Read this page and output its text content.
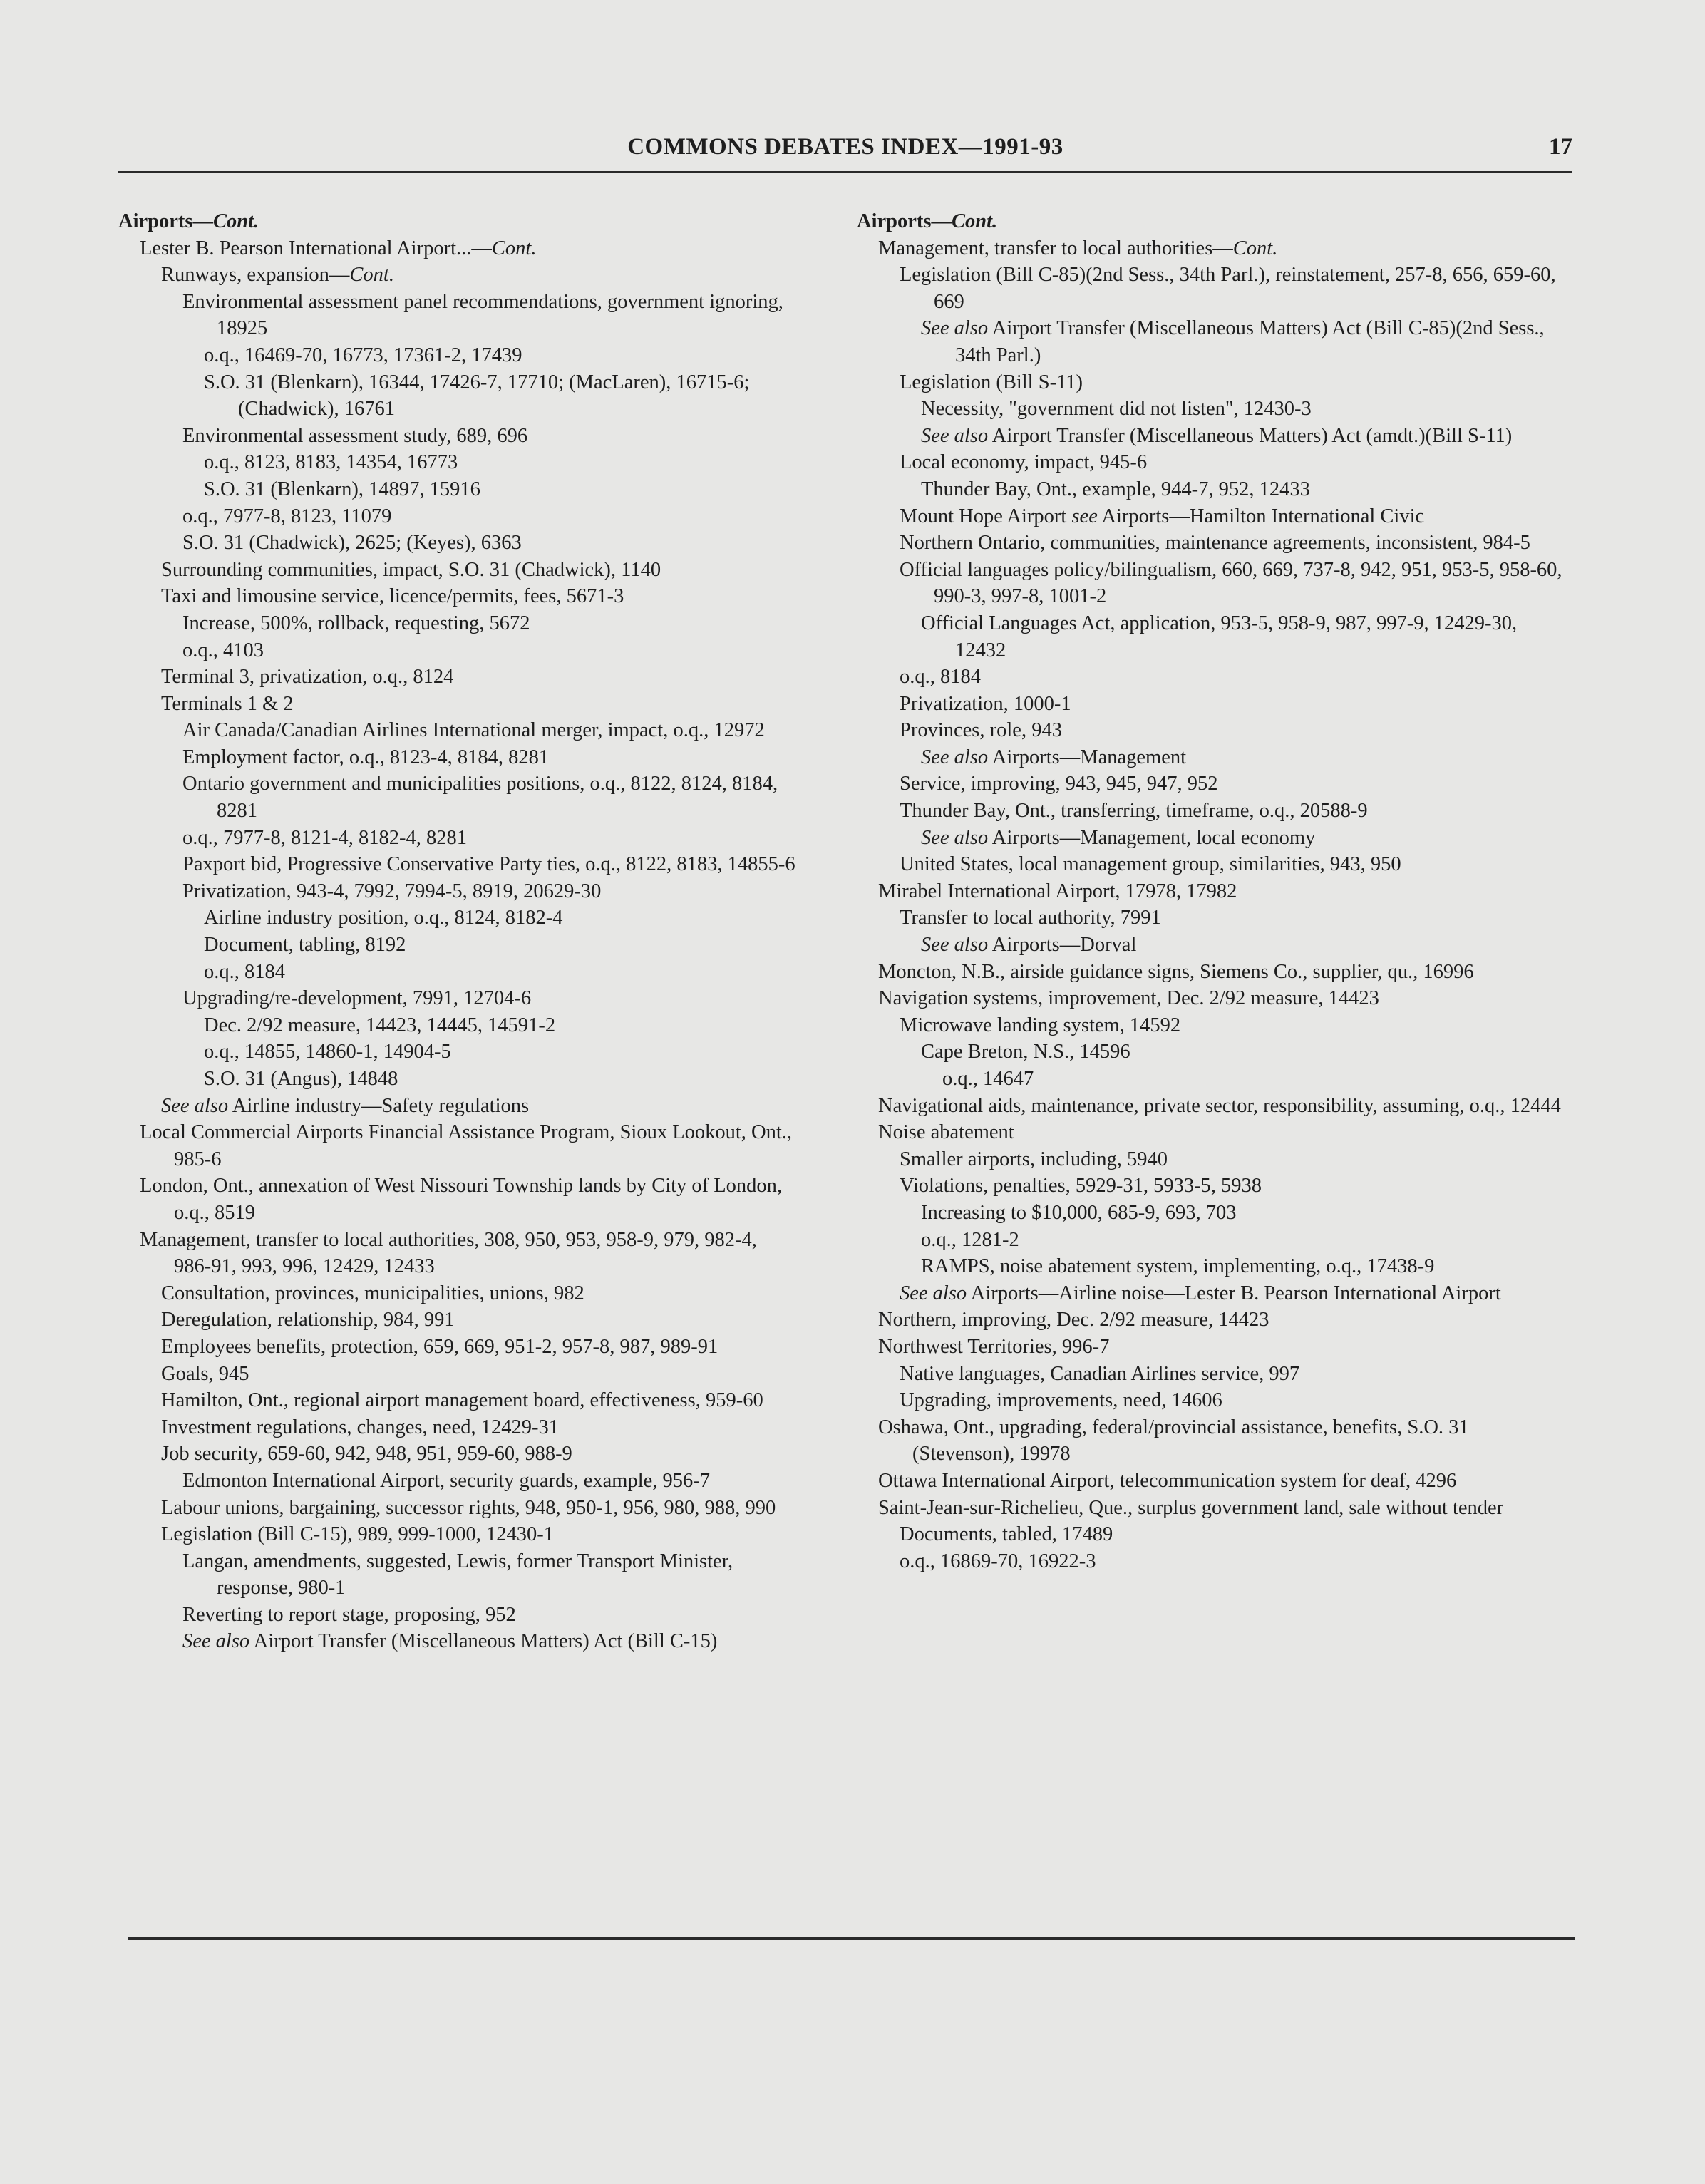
COMMONS DEBATES INDEX—1991-93	17
Airports—Cont.
Lester B. Pearson International Airport...—Cont.
Runways, expansion—Cont.
Environmental assessment panel recommendations, government ignoring, 18925
o.q., 16469-70, 16773, 17361-2, 17439
S.O. 31 (Blenkarn), 16344, 17426-7, 17710; (MacLaren), 16715-6; (Chadwick), 16761
Environmental assessment study, 689, 696
o.q., 8123, 8183, 14354, 16773
S.O. 31 (Blenkarn), 14897, 15916
o.q., 7977-8, 8123, 11079
S.O. 31 (Chadwick), 2625; (Keyes), 6363
Surrounding communities, impact, S.O. 31 (Chadwick), 1140
Taxi and limousine service, licence/permits, fees, 5671-3
Increase, 500%, rollback, requesting, 5672
o.q., 4103
Terminal 3, privatization, o.q., 8124
Terminals 1 & 2
Air Canada/Canadian Airlines International merger, impact, o.q., 12972
Employment factor, o.q., 8123-4, 8184, 8281
Ontario government and municipalities positions, o.q., 8122, 8124, 8184, 8281
o.q., 7977-8, 8121-4, 8182-4, 8281
Paxport bid, Progressive Conservative Party ties, o.q., 8122, 8183, 14855-6
Privatization, 943-4, 7992, 7994-5, 8919, 20629-30
Airline industry position, o.q., 8124, 8182-4
Document, tabling, 8192
o.q., 8184
Upgrading/re-development, 7991, 12704-6
Dec. 2/92 measure, 14423, 14445, 14591-2
o.q., 14855, 14860-1, 14904-5
S.O. 31 (Angus), 14848
See also Airline industry—Safety regulations
Local Commercial Airports Financial Assistance Program, Sioux Lookout, Ont., 985-6
London, Ont., annexation of West Nissouri Township lands by City of London, o.q., 8519
Management, transfer to local authorities, 308, 950, 953, 958-9, 979, 982-4, 986-91, 993, 996, 12429, 12433
Consultation, provinces, municipalities, unions, 982
Deregulation, relationship, 984, 991
Employees benefits, protection, 659, 669, 951-2, 957-8, 987, 989-91
Goals, 945
Hamilton, Ont., regional airport management board, effectiveness, 959-60
Investment regulations, changes, need, 12429-31
Job security, 659-60, 942, 948, 951, 959-60, 988-9
Edmonton International Airport, security guards, example, 956-7
Labour unions, bargaining, successor rights, 948, 950-1, 956, 980, 988, 990
Legislation (Bill C-15), 989, 999-1000, 12430-1
Langan, amendments, suggested, Lewis, former Transport Minister, response, 980-1
Reverting to report stage, proposing, 952
See also Airport Transfer (Miscellaneous Matters) Act (Bill C-15)
Airports—Cont.
Management, transfer to local authorities—Cont.
Legislation (Bill C-85)(2nd Sess., 34th Parl.), reinstatement, 257-8, 656, 659-60, 669
See also Airport Transfer (Miscellaneous Matters) Act (Bill C-85)(2nd Sess., 34th Parl.)
Legislation (Bill S-11)
Necessity, "government did not listen", 12430-3
See also Airport Transfer (Miscellaneous Matters) Act (amdt.)(Bill S-11)
Local economy, impact, 945-6
Thunder Bay, Ont., example, 944-7, 952, 12433
Mount Hope Airport see Airports—Hamilton International Civic
Northern Ontario, communities, maintenance agreements, inconsistent, 984-5
Official languages policy/bilingualism, 660, 669, 737-8, 942, 951, 953-5, 958-60, 990-3, 997-8, 1001-2
Official Languages Act, application, 953-5, 958-9, 987, 997-9, 12429-30, 12432
o.q., 8184
Privatization, 1000-1
Provinces, role, 943
See also Airports—Management
Service, improving, 943, 945, 947, 952
Thunder Bay, Ont., transferring, timeframe, o.q., 20588-9
See also Airports—Management, local economy
United States, local management group, similarities, 943, 950
Mirabel International Airport, 17978, 17982
Transfer to local authority, 7991
See also Airports—Dorval
Moncton, N.B., airside guidance signs, Siemens Co., supplier, qu., 16996
Navigation systems, improvement, Dec. 2/92 measure, 14423
Microwave landing system, 14592
Cape Breton, N.S., 14596
o.q., 14647
Navigational aids, maintenance, private sector, responsibility, assuming, o.q., 12444
Noise abatement
Smaller airports, including, 5940
Violations, penalties, 5929-31, 5933-5, 5938
Increasing to $10,000, 685-9, 693, 703
o.q., 1281-2
RAMPS, noise abatement system, implementing, o.q., 17438-9
See also Airports—Airline noise—Lester B. Pearson International Airport
Northern, improving, Dec. 2/92 measure, 14423
Northwest Territories, 996-7
Native languages, Canadian Airlines service, 997
Upgrading, improvements, need, 14606
Oshawa, Ont., upgrading, federal/provincial assistance, benefits, S.O. 31 (Stevenson), 19978
Ottawa International Airport, telecommunication system for deaf, 4296
Saint-Jean-sur-Richelieu, Que., surplus government land, sale without tender
Documents, tabled, 17489
o.q., 16869-70, 16922-3
